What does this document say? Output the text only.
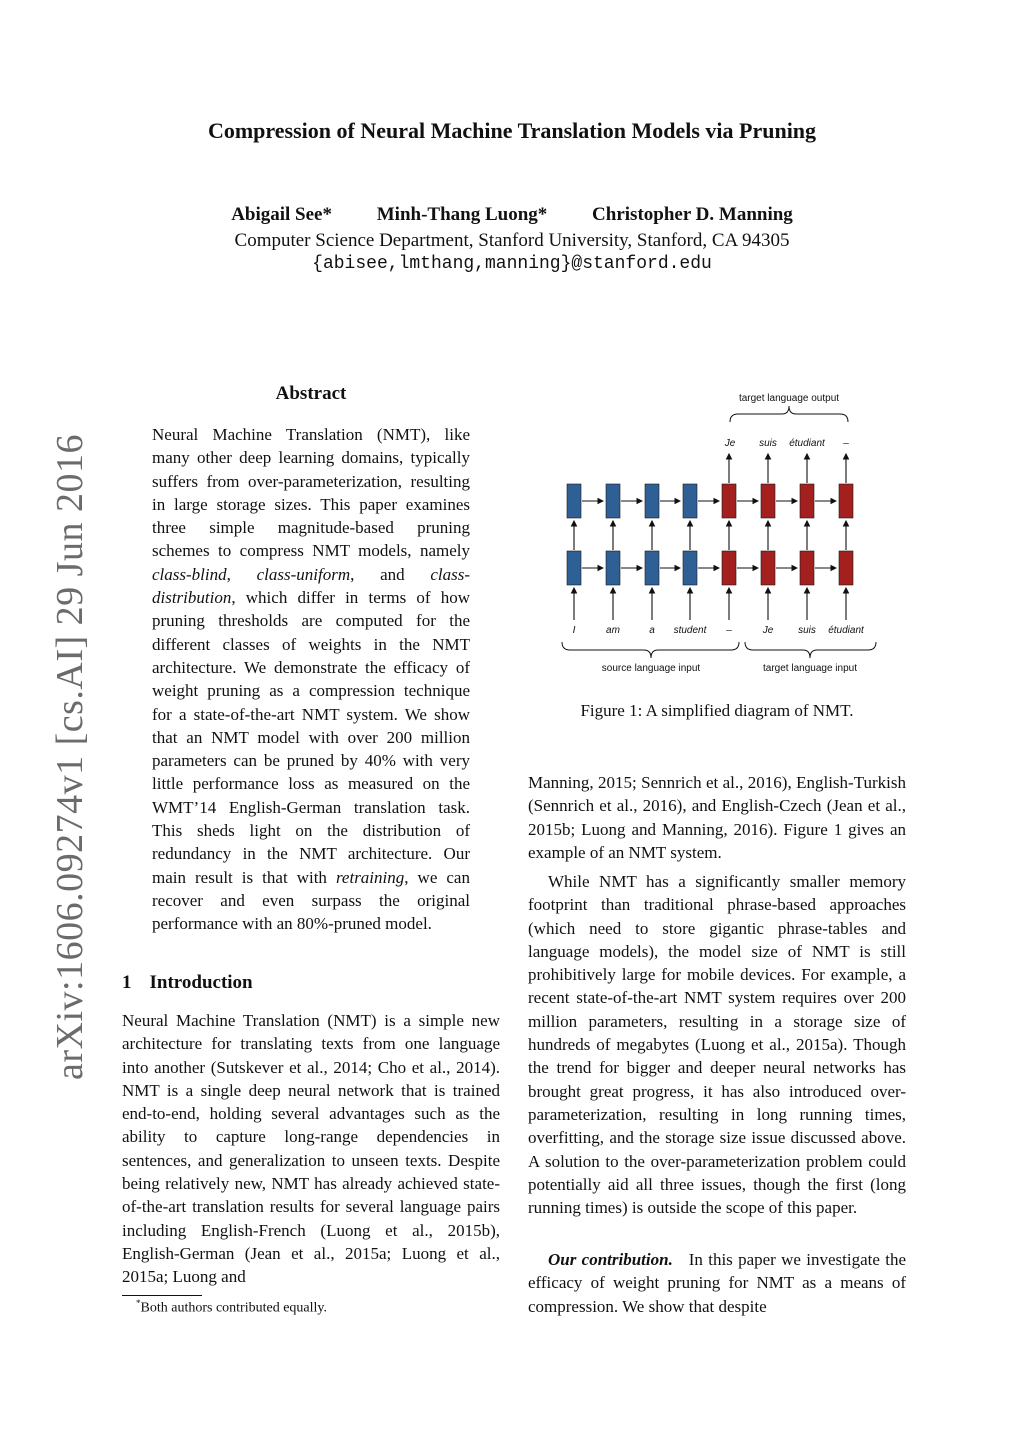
Compression of Neural Machine Translation Models via Pruning
Abigail See* Minh-Thang Luong* Christopher D. Manning
Computer Science Department, Stanford University, Stanford, CA 94305
{abisee,lmthang,manning}@stanford.edu
arXiv:1606.09274v1 [cs.AI] 29 Jun 2016
Abstract
Neural Machine Translation (NMT), like many other deep learning domains, typically suffers from over-parameterization, resulting in large storage sizes. This paper examines three simple magnitude-based pruning schemes to compress NMT models, namely class-blind, class-uniform, and class-distribution, which differ in terms of how pruning thresholds are computed for the different classes of weights in the NMT architecture. We demonstrate the efficacy of weight pruning as a compression technique for a state-of-the-art NMT system. We show that an NMT model with over 200 million parameters can be pruned by 40% with very little performance loss as measured on the WMT’14 English-German translation task. This sheds light on the distribution of redundancy in the NMT architecture. Our main result is that with retraining, we can recover and even surpass the original performance with an 80%-pruned model.
1 Introduction
Neural Machine Translation (NMT) is a simple new architecture for translating texts from one language into another (Sutskever et al., 2014; Cho et al., 2014). NMT is a single deep neural network that is trained end-to-end, holding several advantages such as the ability to capture long-range dependencies in sentences, and generalization to unseen texts. Despite being relatively new, NMT has already achieved state-of-the-art translation results for several language pairs including English-French (Luong et al., 2015b), English-German (Jean et al., 2015a; Luong et al., 2015a; Luong and
*Both authors contributed equally.
target language output
Je suis étudiant –
I	am	a student –	Je suis étudiant
source language input	target language input
Figure 1: A simplified diagram of NMT.
Manning, 2015; Sennrich et al., 2016), English-Turkish (Sennrich et al., 2016), and English-Czech (Jean et al., 2015b; Luong and Manning, 2016). Figure 1 gives an example of an NMT system.
While NMT has a significantly smaller memory footprint than traditional phrase-based approaches (which need to store gigantic phrase-tables and language models), the model size of NMT is still prohibitively large for mobile devices. For example, a recent state-of-the-art NMT system requires over 200 million parameters, resulting in a storage size of hundreds of megabytes (Luong et al., 2015a). Though the trend for bigger and deeper neural networks has brought great progress, it has also introduced over-parameterization, resulting in long running times, overfitting, and the storage size issue discussed above. A solution to the over-parameterization problem could potentially aid all three issues, though the first (long running times) is outside the scope of this paper.
Our contribution. In this paper we investigate the efficacy of weight pruning for NMT as a means of compression. We show that despite
